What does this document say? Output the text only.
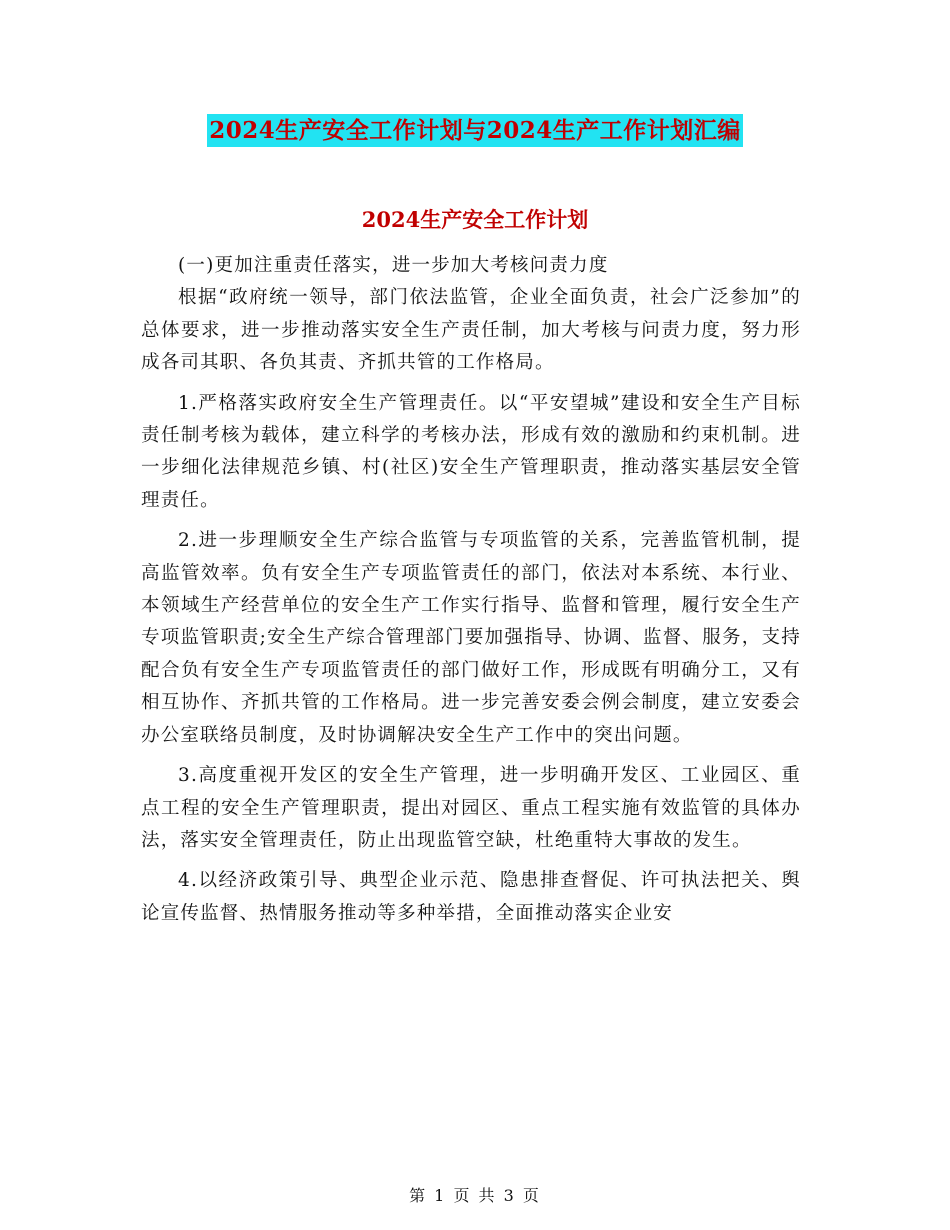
2024生产安全工作计划与2024生产工作计划汇编
2024生产安全工作计划

(一)更加注重责任落实，进一步加大考核问责力度

根据“政府统一领导，部门依法监管，企业全面负责，社会广泛参加”的总体要求，进一步推动落实安全生产责任制，加大考核与问责力度，努力形成各司其职、各负其责、齐抓共管的工作格局。

1.严格落实政府安全生产管理责任。以“平安望城”建设和安全生产目标责任制考核为载体，建立科学的考核办法，形成有效的激励和约束机制。进一步细化法律规范乡镇、村(社区)安全生产管理职责，推动落实基层安全管理责任。

2.进一步理顺安全生产综合监管与专项监管的关系，完善监管机制，提高监管效率。负有安全生产专项监管责任的部门，依法对本系统、本行业、本领域生产经营单位的安全生产工作实行指导、监督和管理，履行安全生产专项监管职责;安全生产综合管理部门要加强指导、协调、监督、服务，支持配合负有安全生产专项监管责任的部门做好工作，形成既有明确分工，又有相互协作、齐抓共管的工作格局。进一步完善安委会例会制度，建立安委会办公室联络员制度，及时协调解决安全生产工作中的突出问题。

3.高度重视开发区的安全生产管理，进一步明确开发区、工业园区、重点工程的安全生产管理职责，提出对园区、重点工程实施有效监管的具体办法，落实安全管理责任，防止出现监管空缺，杜绝重特大事故的发生。

4.以经济政策引导、典型企业示范、隐患排查督促、许可执法把关、舆论宣传监督、热情服务推动等多种举措，全面推动落实企业安

第 1 页 共 3 页
